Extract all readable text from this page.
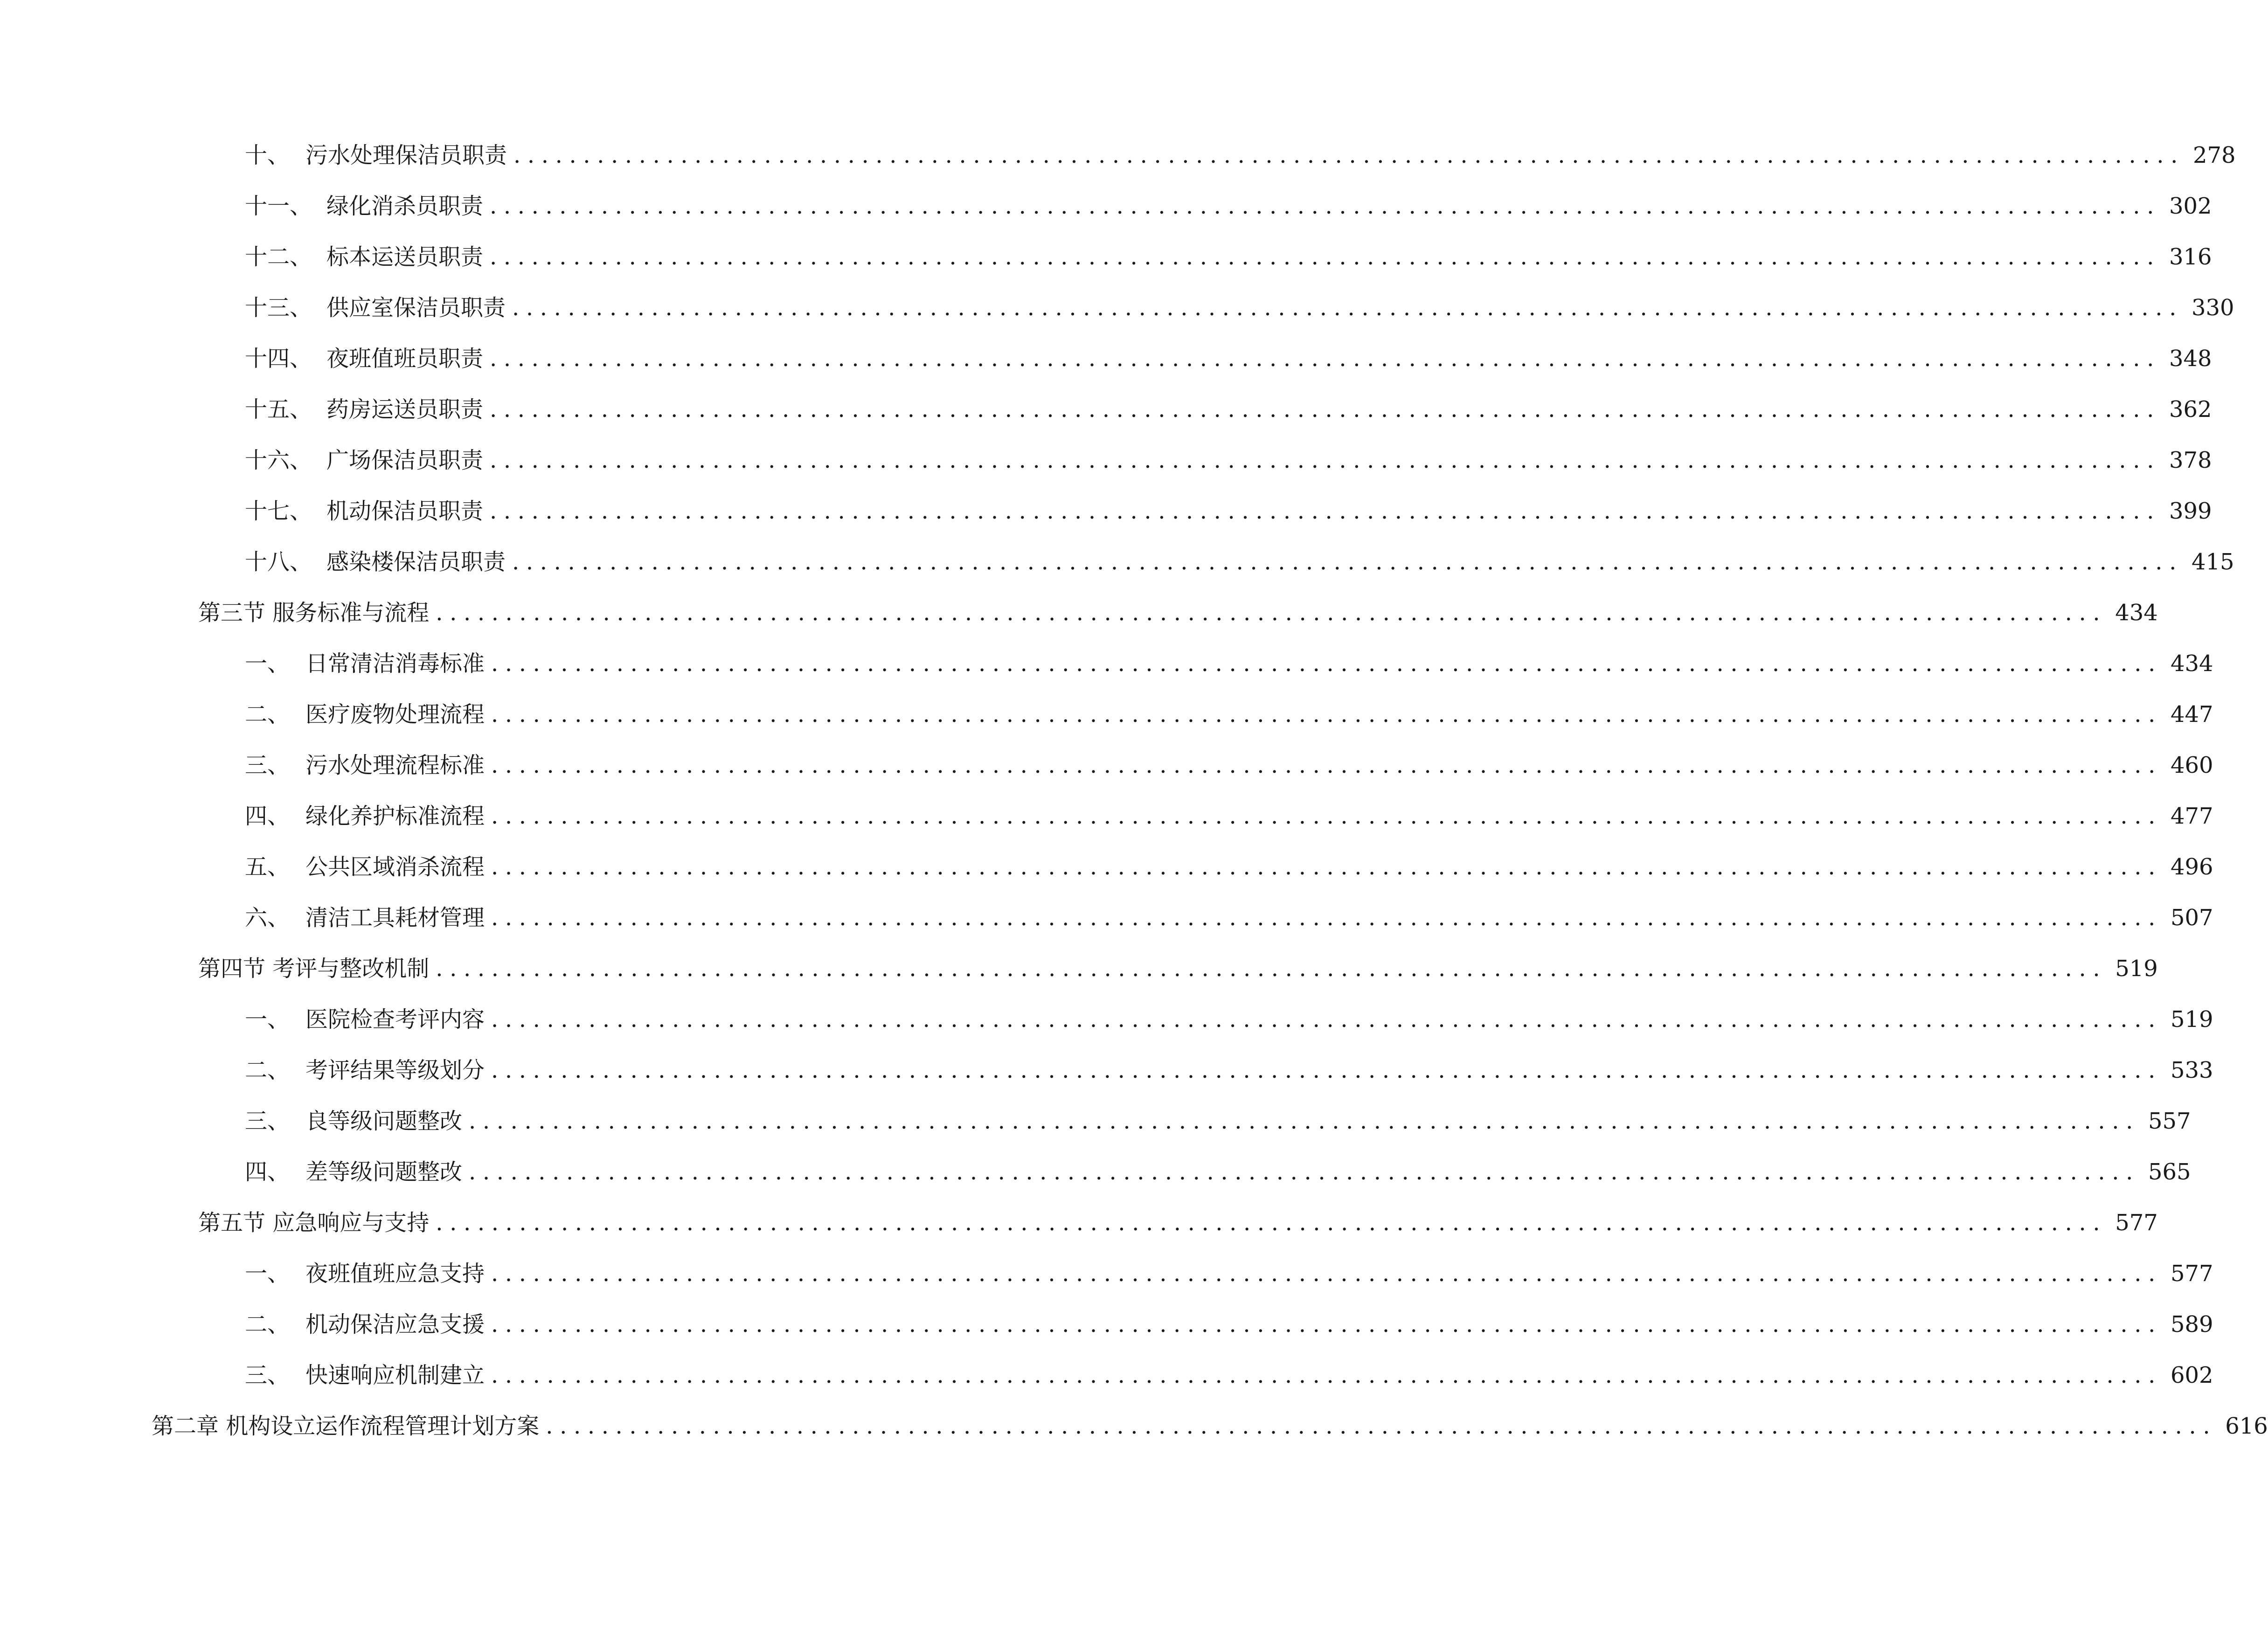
十、 污水处理保洁员职责 ........................................................................................................................ 278
十一、 绿化消杀员职责 ........................................................................................................................ 302
十二、 标本运送员职责 ........................................................................................................................ 316
十三、 供应室保洁员职责 ........................................................................................................................ 330
十四、 夜班值班员职责 ........................................................................................................................ 348
十五、 药房运送员职责 ........................................................................................................................ 362
十六、 广场保洁员职责 ........................................................................................................................ 378
十七、 机动保洁员职责 ........................................................................................................................ 399
十八、 感染楼保洁员职责 ........................................................................................................................ 415
第三节 服务标准与流程 ........................................................................................................................ 434
一、 日常清洁消毒标准 ........................................................................................................................ 434
二、 医疗废物处理流程 ........................................................................................................................ 447
三、 污水处理流程标准 ........................................................................................................................ 460
四、 绿化养护标准流程 ........................................................................................................................ 477
五、 公共区域消杀流程 ........................................................................................................................ 496
六、 清洁工具耗材管理 ........................................................................................................................ 507
第四节 考评与整改机制 ........................................................................................................................ 519
一、 医院检查考评内容 ........................................................................................................................ 519
二、 考评结果等级划分 ........................................................................................................................ 533
三、 良等级问题整改 ........................................................................................................................ 557
四、 差等级问题整改 ........................................................................................................................ 565
第五节 应急响应与支持 ........................................................................................................................ 577
一、 夜班值班应急支持 ........................................................................................................................ 577
二、 机动保洁应急支援 ........................................................................................................................ 589
三、 快速响应机制建立 ........................................................................................................................ 602
第二章 机构设立运作流程管理计划方案 ........................................................................................................................ 616
